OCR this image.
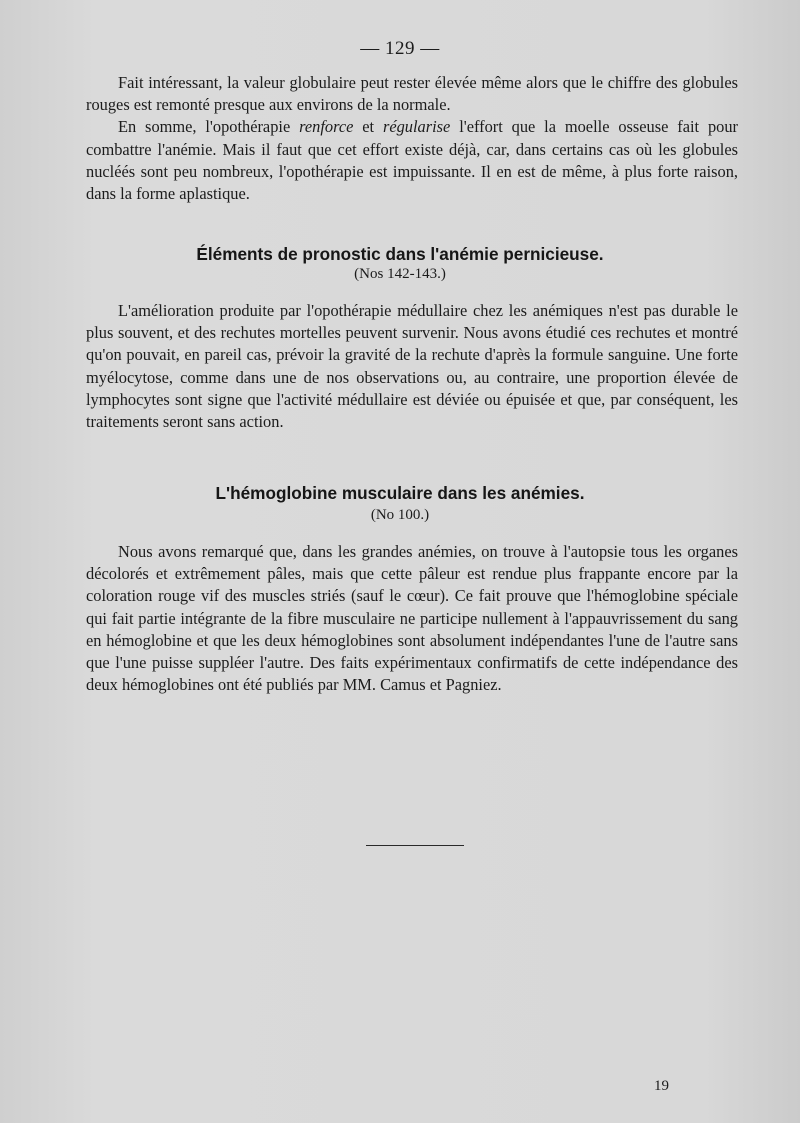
— 129 —

Fait intéressant, la valeur globulaire peut rester élevée même alors que le chiffre des globules rouges est remonté presque aux environs de la normale.

En somme, l'opothérapie renforce et régularise l'effort que la moelle osseuse fait pour combattre l'anémie. Mais il faut que cet effort existe déjà, car, dans certains cas où les globules nucléés sont peu nombreux, l'opothérapie est impuissante. Il en est de même, à plus forte raison, dans la forme aplastique.

Éléments de pronostic dans l'anémie pernicieuse.
(Nos 142-143.)

L'amélioration produite par l'opothérapie médullaire chez les anémiques n'est pas durable le plus souvent, et des rechutes mortelles peuvent survenir. Nous avons étudié ces rechutes et montré qu'on pouvait, en pareil cas, prévoir la gravité de la rechute d'après la formule sanguine. Une forte myélocytose, comme dans une de nos observations ou, au contraire, une proportion élevée de lymphocytes sont signe que l'activité médullaire est déviée ou épuisée et que, par conséquent, les traitements seront sans action.

L'hémoglobine musculaire dans les anémies.
(No 100.)

Nous avons remarqué que, dans les grandes anémies, on trouve à l'autopsie tous les organes décolorés et extrêmement pâles, mais que cette pâleur est rendue plus frappante encore par la coloration rouge vif des muscles striés (sauf le cœur). Ce fait prouve que l'hémoglobine spéciale qui fait partie intégrante de la fibre musculaire ne participe nullement à l'appauvrissement du sang en hémoglobine et que les deux hémoglobines sont absolument indépendantes l'une de l'autre sans que l'une puisse suppléer l'autre. Des faits expérimentaux confirmatifs de cette indépendance des deux hémoglobines ont été publiés par MM. Camus et Pagniez.

19
